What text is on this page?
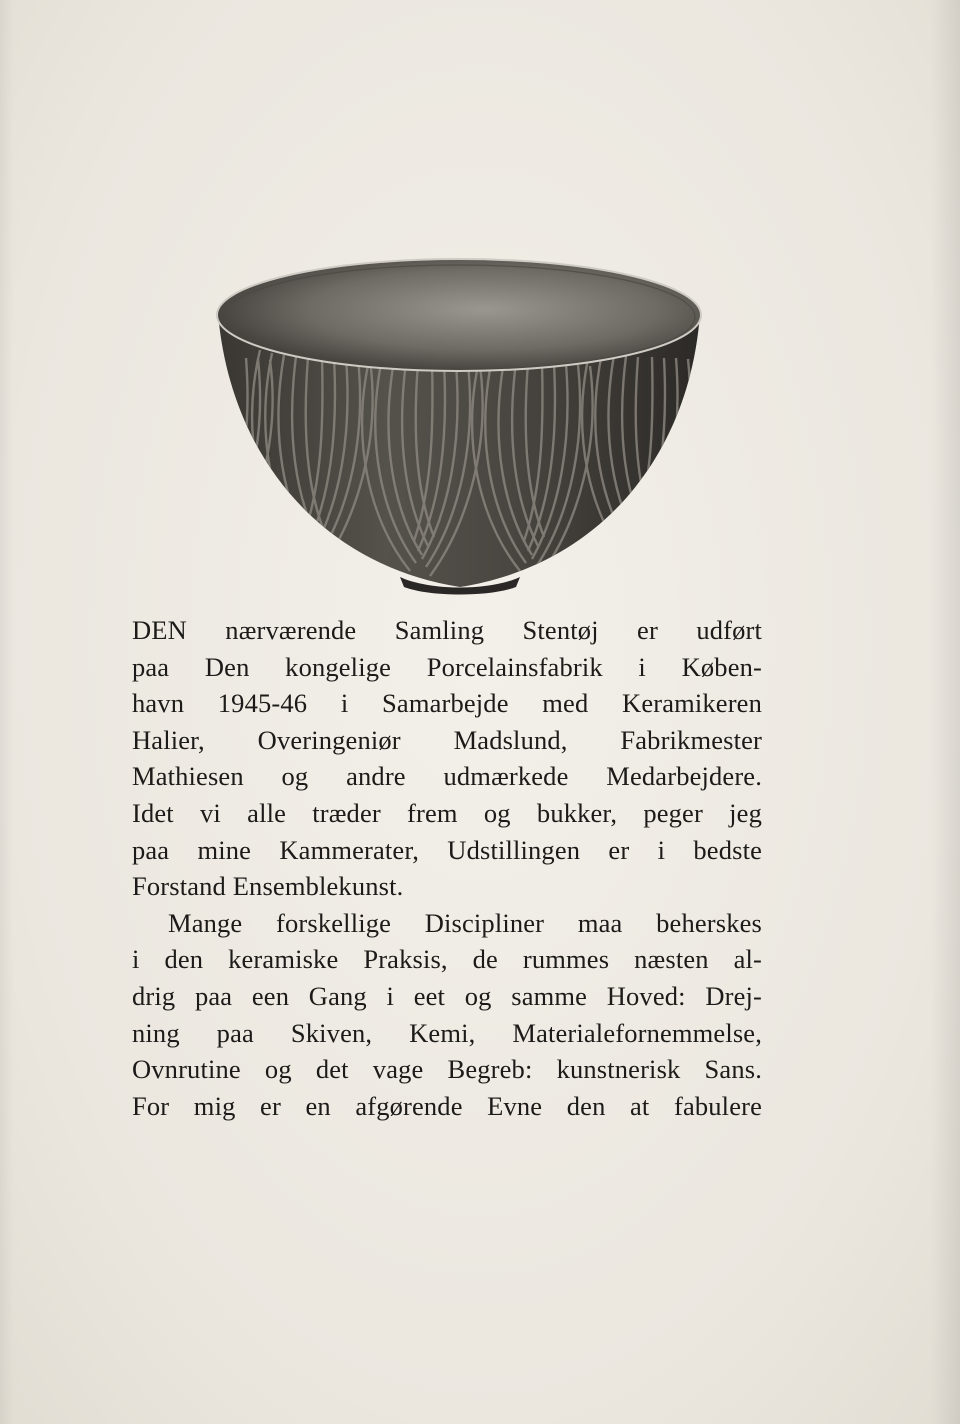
DEN nærværende Samling Stentøj er udført
paa Den kongelige Porcelainsfabrik i Køben-
havn 1945-46 i Samarbejde med Keramikeren
Halier, Overingeniør Madslund, Fabrikmester
Mathiesen og andre udmærkede Medarbejdere.
Idet vi alle træder frem og bukker, peger jeg
paa mine Kammerater, Udstillingen er i bedste
Forstand Ensemblekunst.
Mange forskellige Discipliner maa beherskes
i den keramiske Praksis, de rummes næsten al-
drig paa een Gang i eet og samme Hoved: Drej-
ning paa Skiven, Kemi, Materialefornemmelse,
Ovnrutine og det vage Begreb: kunstnerisk Sans.
For mig er en afgørende Evne den at fabulere
